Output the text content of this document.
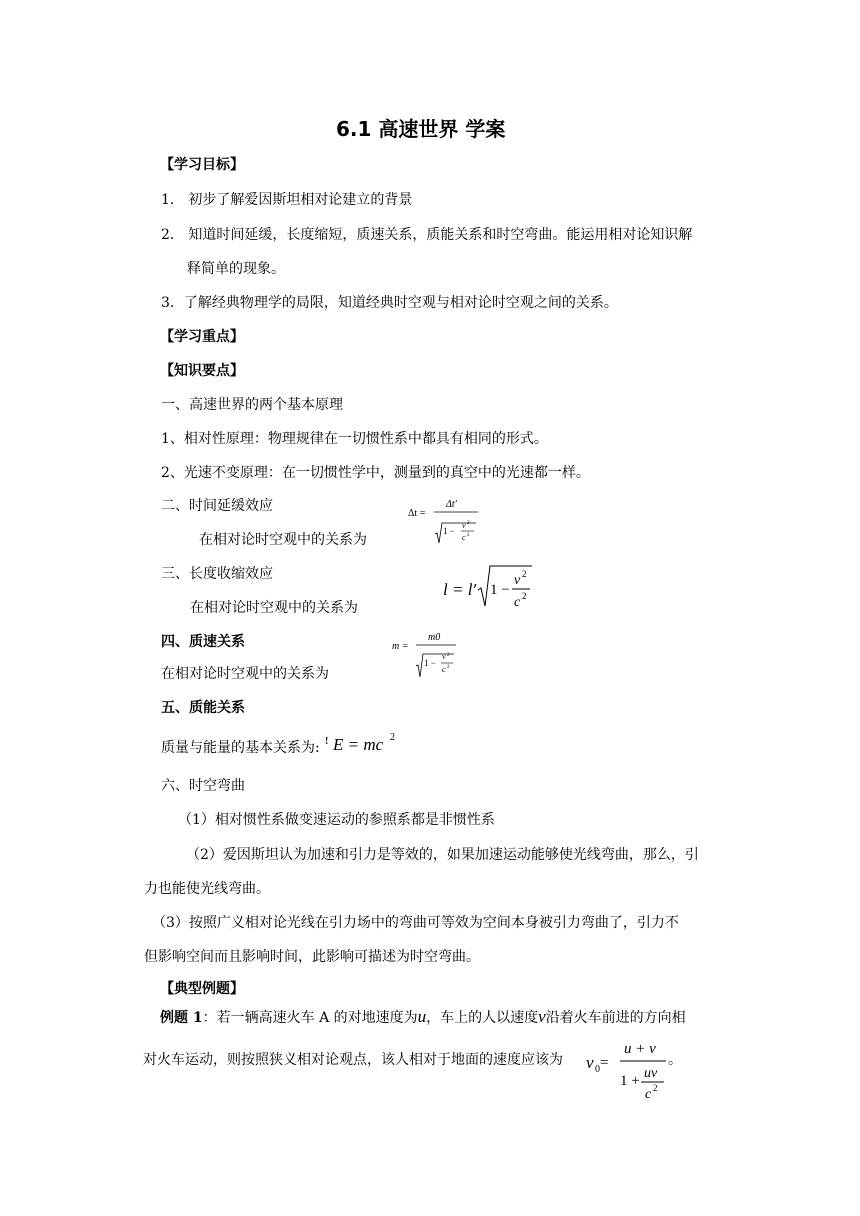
6.1 高速世界 学案
【学习目标】
1． 初步了解爱因斯坦相对论建立的背景
2． 知道时间延缓，长度缩短，质速关系，质能关系和时空弯曲。能运用相对论知识解
释简单的现象。
3．了解经典物理学的局限，知道经典时空观与相对论时空观之间的关系。
【学习重点】
【知识要点】
一、高速世界的两个基本原理
1、相对性原理：物理规律在一切惯性系中都具有相同的形式。
2、光速不变原理：在一切惯性学中，测量到的真空中的光速都一样。
二、时间延缓效应
在相对论时空观中的关系为
Δt =
Δt′
1 −
v 2
c 2
三、长度收缩效应
在相对论时空观中的关系为
l = l′ 1 −
v 2
c 2
四、质速关系
在相对论时空观中的关系为
m =
m0
1 −
v 2
c 2
五、质能关系
质量与能量的基本关系为: ! E = mc 2
六、时空弯曲
（1）相对惯性系做变速运动的参照系都是非惯性系
（2）爱因斯坦认为加速和引力是等效的，如果加速运动能够使光线弯曲，那么，引
力也能使光线弯曲。
（3）按照广义相对论光线在引力场中的弯曲可等效为空间本身被引力弯曲了，引力不
但影响空间而且影响时间，此影响可描述为时空弯曲。
【典型例题】
例题 1：若一辆高速火车 A 的对地速度为u，车上的人以速度v沿着火车前进的方向相
对火车运动，则按照狭义相对论观点，该人相对于地面的速度应该为 v 0 =
u + v
1 + uv
c 2
。
